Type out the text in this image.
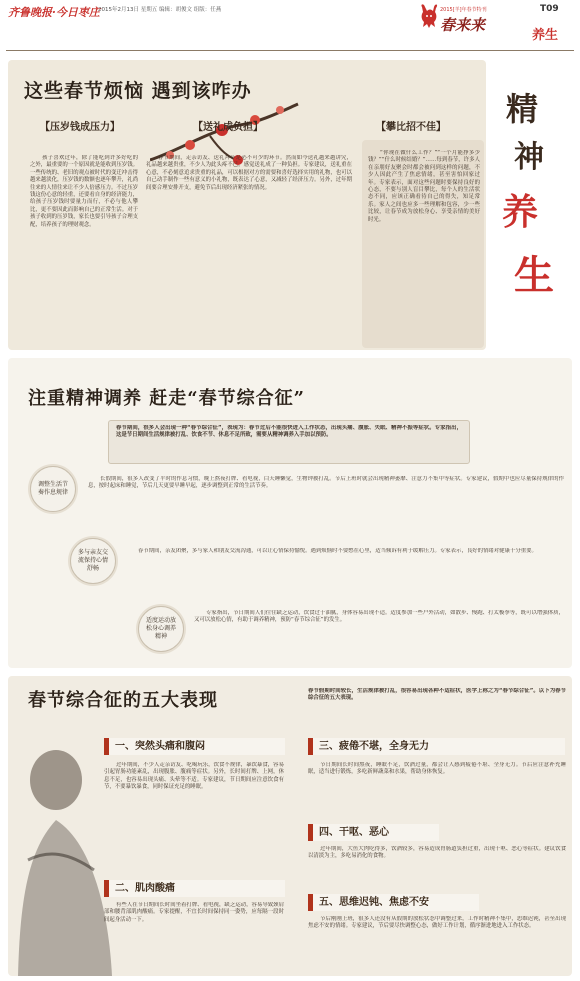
齐鲁晚报·今日枣庄
2015年2月13日 星期五 编辑：胡俊文 组版：任燕	2015[羊]年春节特刊
春来来
T09
养生
这些春节烦恼 遇到该咋办
【压岁钱成压力】
孩子喜欢过年，除了能吃到许多好吃的之外，最重要的一个原因就是能收到压岁钱。一些传统的、老旧的观点被时代的变迁冲击得越来越淡化，压岁钱的数额也逐年攀升，礼尚往来的人情往来让不少人倍感压力。不过压岁钱这份心意的轻重，还要看自身的经济能力，给孩子压岁钱时要量力而行，不必与他人攀比，更不要因此而影响自己的正常生活。对于孩子收到的压岁钱，家长也要引导孩子合理支配，培养孩子的理财观念。
【送礼成负担】
春节期间，走亲访友、送礼拜年是必不可少的环节。然而如今送礼越来越讲究，礼品越来越贵重，不少人为此头疼不已，感觉送礼成了一种负担。专家建议，送礼重在心意，不必刻意追求贵重的礼品，可以根据对方的需要和喜好选择实用的礼物，也可以自己动手制作一些有意义的小礼物，既表达了心意，又减轻了经济压力。另外，过年期间要合理安排开支，避免节后出现经济紧张的情况。
【攀比招不佳】
“你现在做什么工作？”“一个月能挣多少钱？”“什么时候结婚？”……每到春节，许多人在亲朋好友聚会时都会被问到这样的问题，不少人因此产生了焦虑情绪，甚至害怕回家过年。专家表示，面对这些问题时要保持良好的心态，不要与别人盲目攀比，每个人的生活状态不同，应该正确看待自己的得失，知足常乐。家人之间也应多一些理解和包容，少一些比较，让春节成为放松身心、享受亲情的美好时光。
精
神
养
生
注重精神调养 赶走“春节综合征”
春节期间，很多人会出现一种“春节综合征”，表现为：春节过后不能很快进入工作状态，出现头痛、腹胀、失眠、精神不振等症状。专家指出，这是节日期间生活规律被打乱、饮食不节、休息不足所致，需要从精神调养入手加以预防。
调整生活节奏作息规律
长假期间，很多人改变了平时的作息习惯，晚上熬夜打牌、看电视，白天睡懒觉，生物钟被打乱。节后上班时就会出现精神萎靡、注意力不集中等症状。专家建议，假期中也应尽量保持规律的作息，按时起床和睡觉，节后几天更要早睡早起，逐步调整到正常的生活节奏。
多与亲友交流保持心情舒畅
春节期间，亲友团聚，多与家人和朋友交流沟通，可以让心情保持愉悦。遇到烦恼时不要憋在心里，适当倾诉有利于缓解压力。专家表示，良好的情绪对健康十分重要。
适度运动放松身心调养精神
专家指出，节日期间人们往往缺乏运动，饮食过于油腻，身体容易出现不适。适度参加一些户外活动，如散步、慢跑、打太极拳等，既可以增强体质，又可以放松心情，有助于调养精神，预防“春节综合征”的发生。
春节综合征的五大表现	春节假期时间较长，生活规律被打乱，很容易出现各种不适症状，医学上称之为“春节综合征”。以下为春节综合征的五大表现。
一、突然头痛和腹闷
过年期间，不少人走亲访友、吃喝玩乐，饮食不规律，暴饮暴食，容易引起胃肠功能紊乱，出现腹胀、腹痛等症状。另外，长时间打牌、上网，休息不足，也容易出现头痛、头晕等不适。专家建议，节日期间应注意饮食有节，不要暴饮暴食，同时保证充足的睡眠。
二、肌肉酸痛
有些人在节日期间长时间坐着打牌、看电视，缺乏运动，容易导致颈肩部和腰背部肌肉酸痛。专家提醒，不宜长时间保持同一姿势，应每隔一段时间起身活动一下。
三、疲倦不堪，全身无力
节日期间长时间熬夜，睡眠不足，饮酒过量，都会让人感到疲倦不堪、全身无力。节后应注意补充睡眠，适当进行锻炼，多吃新鲜蔬菜和水果，帮助身体恢复。
四、干呕、恶心
过年期间，大鱼大肉吃得多，饮酒较多，容易造成胃肠道负担过重，出现干呕、恶心等症状。建议饮食以清淡为主，多吃易消化的食物。
五、思维迟钝、焦虑不安
节后刚刚上班，很多人还没有从假期的放松状态中调整过来，工作时精神不集中，思维迟钝，甚至出现焦虑不安的情绪。专家建议，节后要尽快调整心态，做好工作计划，循序渐进地进入工作状态。
